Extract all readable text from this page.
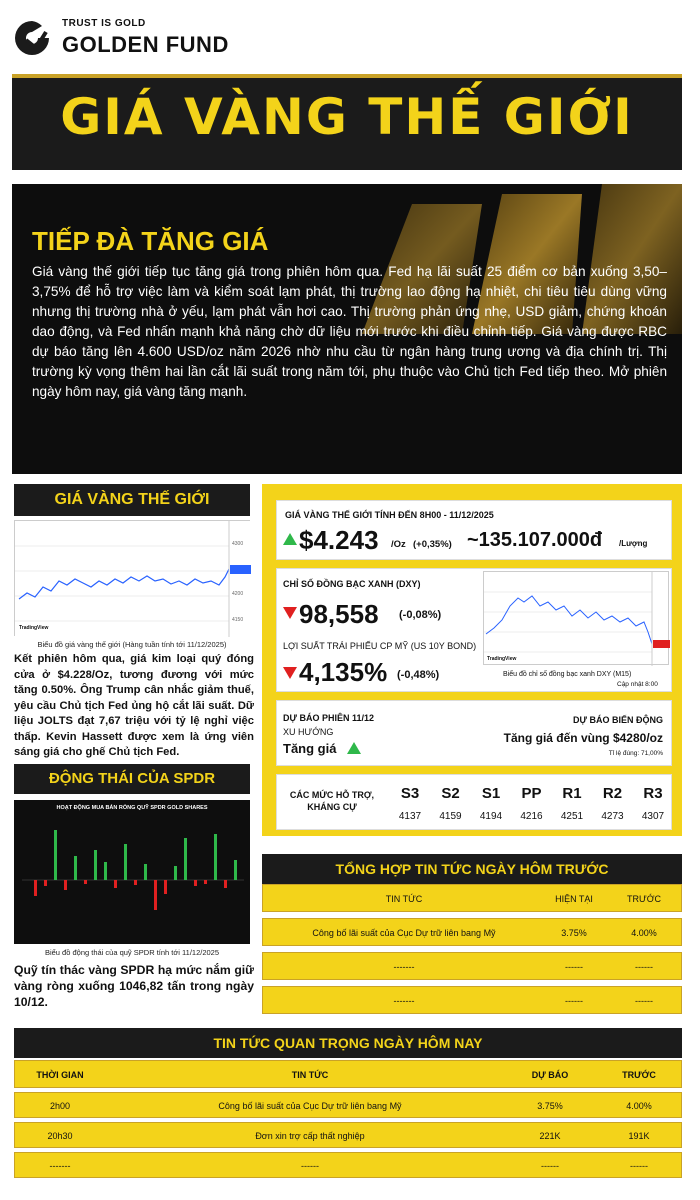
TRUST IS GOLD
GOLDEN FUND
GIÁ VÀNG THẾ GIỚI
TIẾP ĐÀ TĂNG GIÁ
Giá vàng thế giới tiếp tục tăng giá trong phiên hôm qua. Fed hạ lãi suất 25 điểm cơ bản xuống 3,50–3,75% để hỗ trợ việc làm và kiểm soát lạm phát, thị trường lao động hạ nhiệt, chi tiêu tiêu dùng vững nhưng thị trường nhà ở yếu, lạm phát vẫn hơi cao. Thị trường phản ứng nhẹ, USD giảm, chứng khoán dao động, và Fed nhấn mạnh khả năng chờ dữ liệu mới trước khi điều chỉnh tiếp. Giá vàng được RBC dự báo tăng lên 4.600 USD/oz năm 2026 nhờ nhu cầu từ ngân hàng trung ương và địa chính trị. Thị trường kỳ vọng thêm hai lần cắt lãi suất trong năm tới, phụ thuộc vào Chủ tịch Fed tiếp theo. Mở phiên ngày hôm nay, giá vàng tăng mạnh.
GIÁ VÀNG THẾ GIỚI
4300
4200
4150
TradingView
Biểu đồ giá vàng thế giới (Hàng tuần tính tới 11/12/2025)
Kết phiên hôm qua, giá kim loại quý đóng cửa ở $4.228/Oz, tương đương với mức tăng 0.50%. Ông Trump cân nhắc giảm thuế, yêu cầu Chủ tịch Fed ủng hộ cắt lãi suất. Dữ liệu JOLTS đạt 7,67 triệu với tỷ lệ nghỉ việc thấp. Kevin Hassett được xem là ứng viên sáng giá cho ghế Chủ tịch Fed.
ĐỘNG THÁI CỦA SPDR
HOẠT ĐỘNG MUA BÁN RÒNG QUỸ SPDR GOLD SHARES
Biểu đồ động thái của quỹ SPDR tính tới 11/12/2025
Quỹ tín thác vàng SPDR hạ mức nắm giữ vàng ròng xuống 1046,82 tấn trong ngày 10/12.
GIÁ VÀNG THẾ GIỚI TÍNH ĐẾN 8H00 - 11/12/2025
$4.243 /Oz (+0,35%) ~135.107.000đ /Lượng
CHỈ SỐ ĐỒNG BẠC XANH (DXY)
98,558 (-0,08%)
LỢI SUẤT TRÁI PHIẾU CP MỸ (US 10Y BOND)
4,135% (-0,48%)
TradingView
Biểu đồ chỉ số đồng bạc xanh DXY (M15)
Cập nhật 8:00
DỰ BÁO PHIÊN 11/12
XU HƯỚNG
Tăng giá
DỰ BÁO BIẾN ĐỘNG
Tăng giá đến vùng $4280/oz
Tỉ lệ đúng: 71,00%
CÁC MỨC HỖ TRỢ, KHÁNG CỰ
S3
4137
S2
4159
S1
4194
PP
4216
R1
4251
R2
4273
R3
4307
TỔNG HỢP TIN TỨC NGÀY HÔM TRƯỚC
TIN TỨC	HIỆN TẠI	TRƯỚC
Công bố lãi suất của Cục Dự trữ liên bang Mỹ	3.75%	4.00%
-------	------	------
-------	------	------
TIN TỨC QUAN TRỌNG NGÀY HÔM NAY
THỜI GIAN	TIN TỨC	DỰ BÁO	TRƯỚC
2h00	Công bố lãi suất của Cục Dự trữ liên bang Mỹ	3.75%	4.00%
20h30	Đơn xin trợ cấp thất nghiệp	221K	191K
-------	------	------	------
